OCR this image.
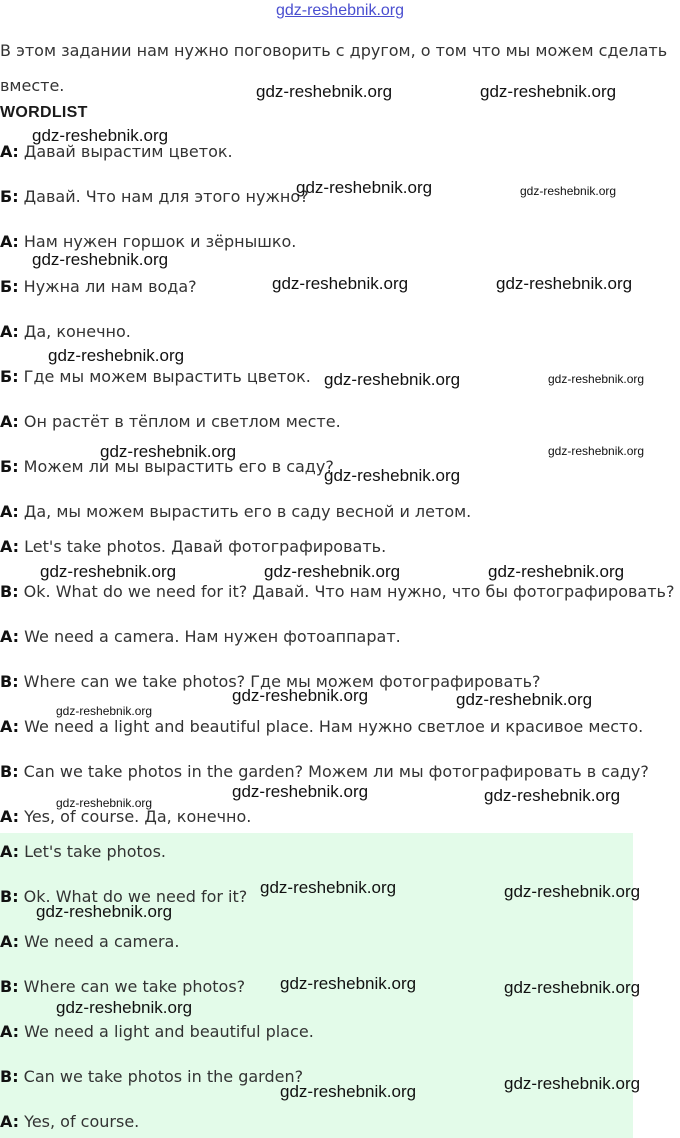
gdz-reshebnik.org
В этом задании нам нужно поговорить с другом, о том что мы можем сделать вместе.
WORDLIST
А: Давай вырастим цветок.
Б: Давай. Что нам для этого нужно?
А: Нам нужен горшок и зёрнышко.
Б: Нужна ли нам вода?
А: Да, конечно.
Б: Где мы можем вырастить цветок.
А: Он растёт в тёплом и светлом месте.
Б: Можем ли мы вырастить его в саду?
А: Да, мы можем вырастить его в саду весной и летом.
A: Let's take photos. Давай фотографировать.
B: Ok. What do we need for it? Давай. Что нам нужно, что бы фотографировать?
A: We need a camera. Нам нужен фотоаппарат.
B: Where can we take photos? Где мы можем фотографировать?
A: We need a light and beautiful place. Нам нужно светлое и красивое место.
B: Can we take photos in the garden? Можем ли мы фотографировать в саду?
A: Yes, of course. Да, конечно.
A: Let's take photos.
B: Ok. What do we need for it?
A: We need a camera.
B: Where can we take photos?
A: We need a light and beautiful place.
B: Can we take photos in the garden?
A: Yes, of course.
gdz-reshebnik.org	gdz-reshebnik.org
gdz-reshebnik.org
gdz-reshebnik.org	gdz-reshebnik.org
gdz-reshebnik.org
gdz-reshebnik.org	gdz-reshebnik.org
gdz-reshebnik.org
gdz-reshebnik.org	gdz-reshebnik.org
gdz-reshebnik.org	gdz-reshebnik.org
gdz-reshebnik.org
gdz-reshebnik.org	gdz-reshebnik.org	gdz-reshebnik.org
gdz-reshebnik.org	gdz-reshebnik.org
gdz-reshebnik.org
gdz-reshebnik.org	gdz-reshebnik.org
gdz-reshebnik.org
gdz-reshebnik.org	gdz-reshebnik.org
gdz-reshebnik.org
gdz-reshebnik.org	gdz-reshebnik.org
gdz-reshebnik.org
gdz-reshebnik.org
gdz-reshebnik.org
